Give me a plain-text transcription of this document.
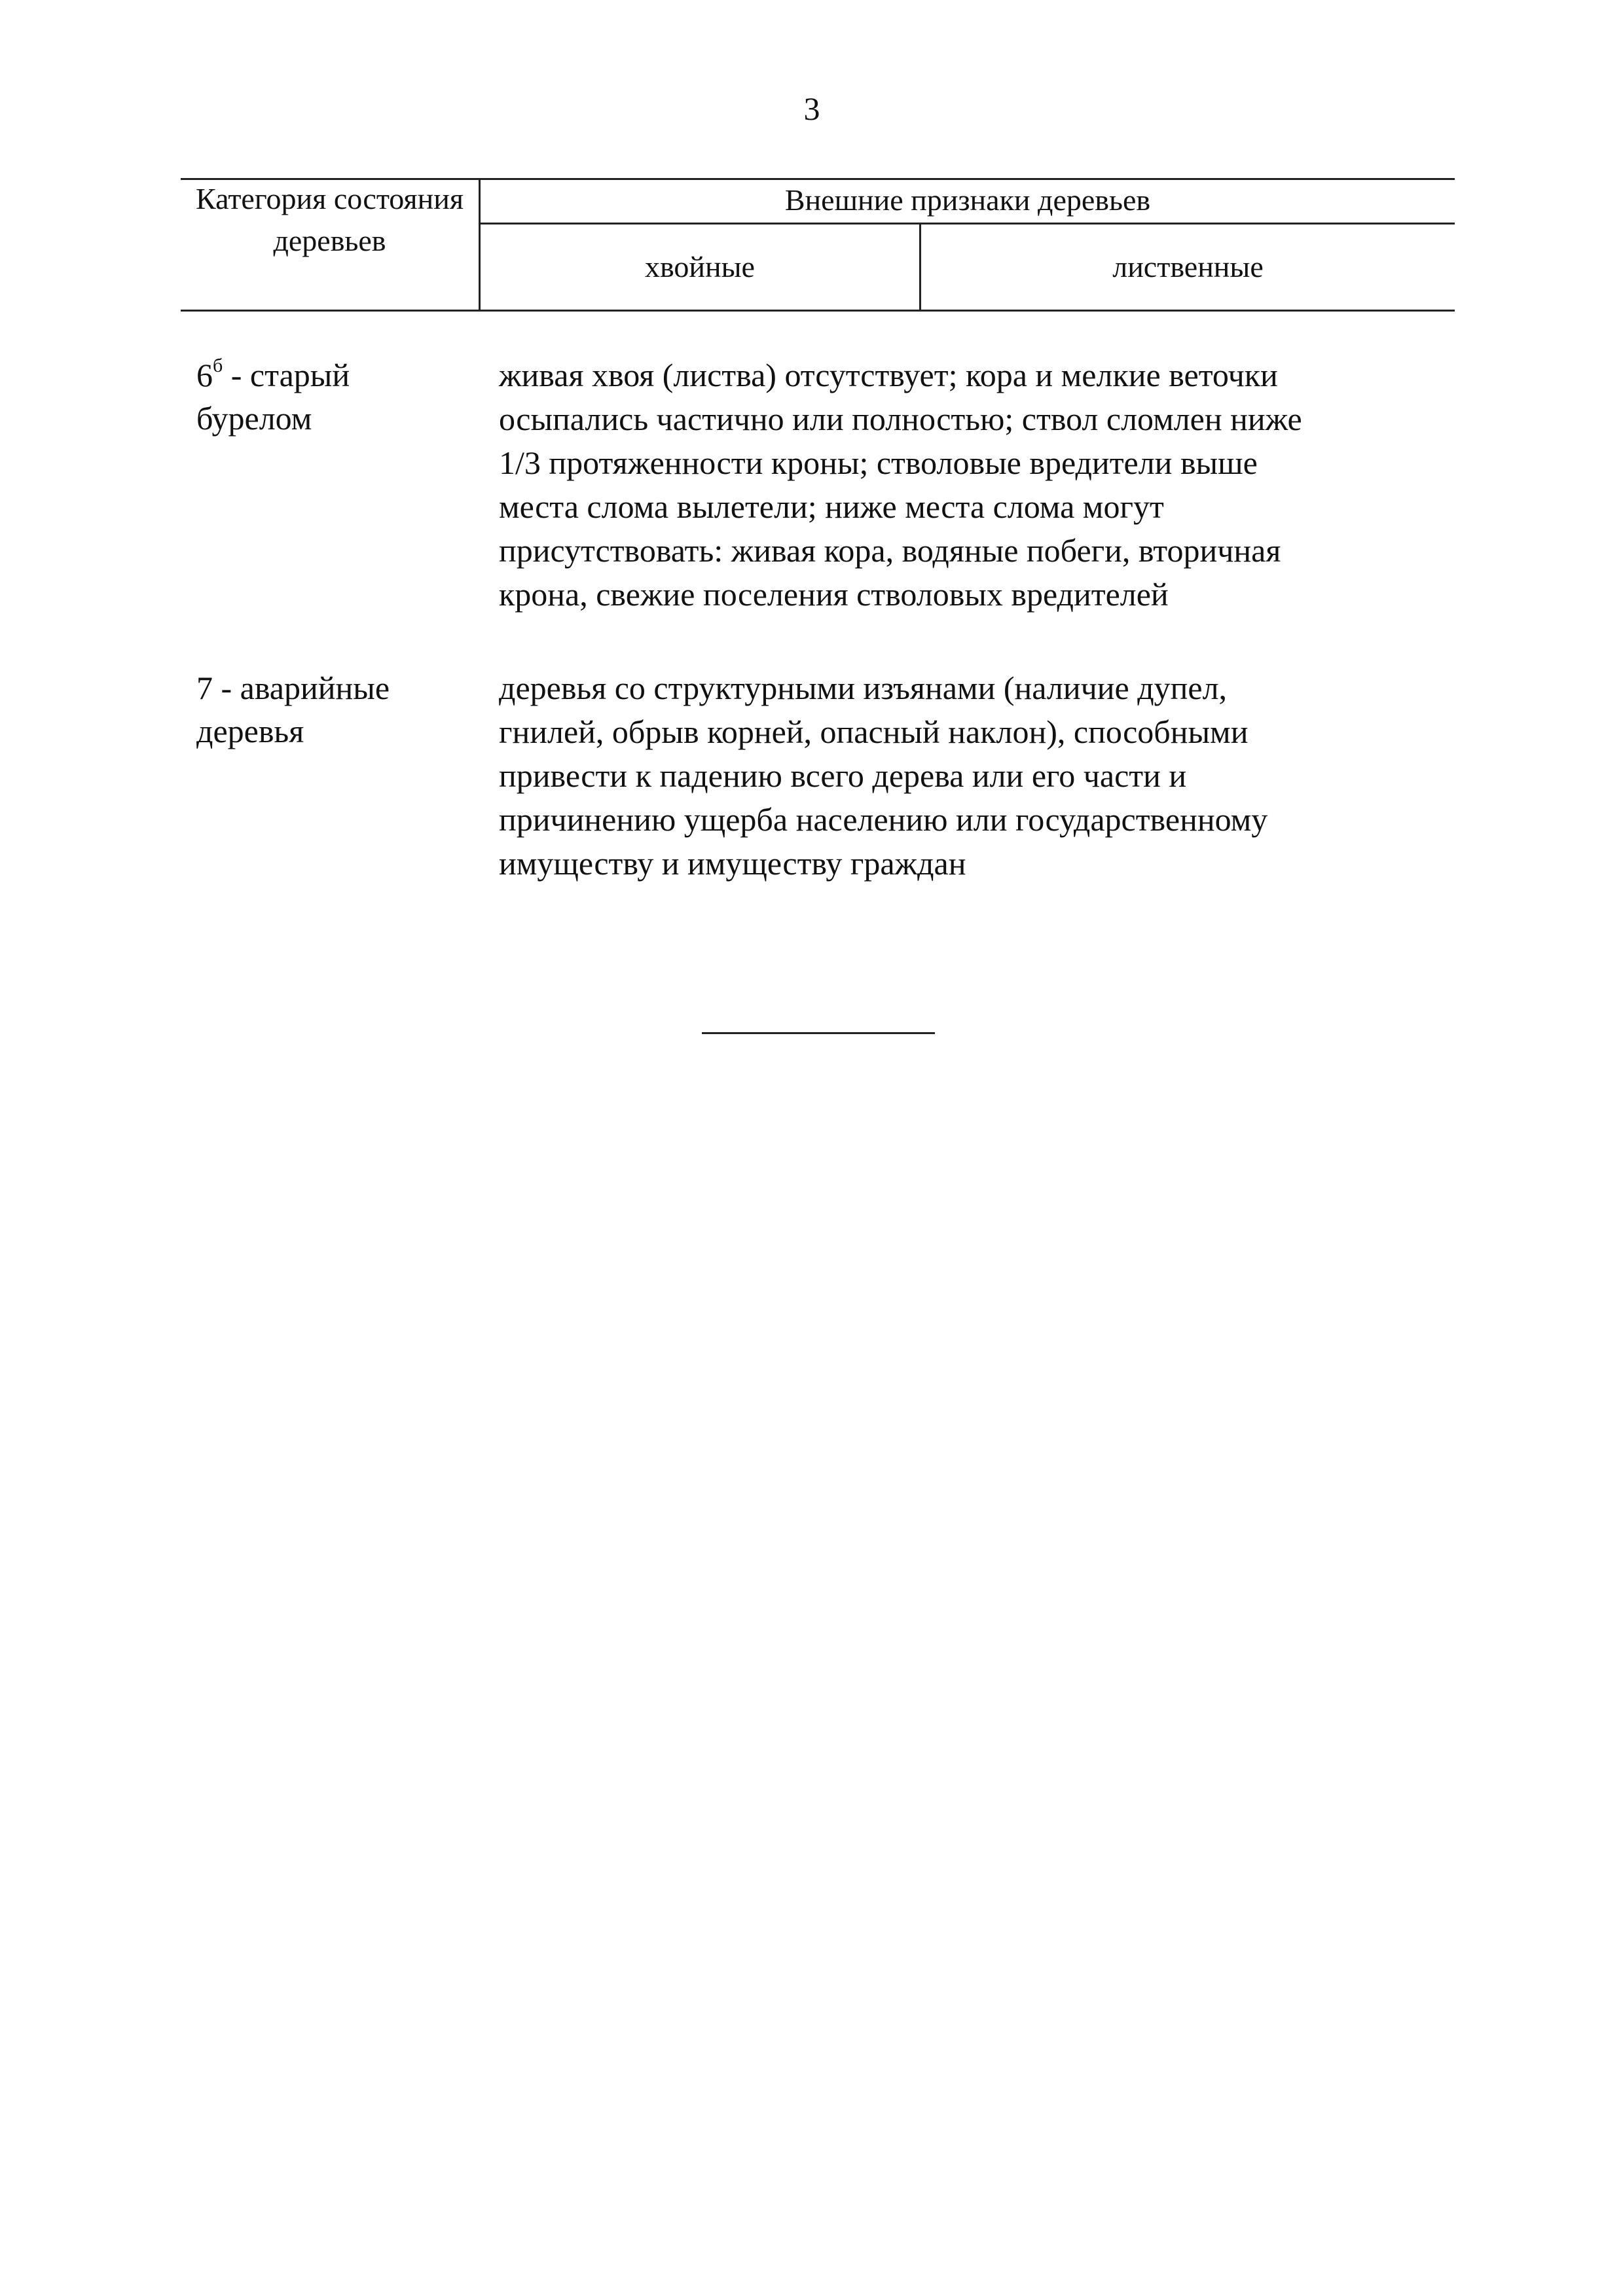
3
Категория состояния деревьев
Внешние признаки деревьев
хвойные	лиственные
$6^б$ - старый
бурелом
живая хвоя (листва) отсутствует; кора и мелкие веточки
осыпались частично или полностью; ствол сломлен ниже
1/3 протяженности кроны; стволовые вредители выше
места слома вылетели; ниже места слома могут
присутствовать: живая кора, водяные побеги, вторичная
крона, свежие поселения стволовых вредителей
7 - аварийные
деревья
деревья со структурными изъянами (наличие дупел,
гнилей, обрыв корней, опасный наклон), способными
привести к падению всего дерева или его части и
причинению ущерба населению или государственному
имуществу и имуществу граждан
